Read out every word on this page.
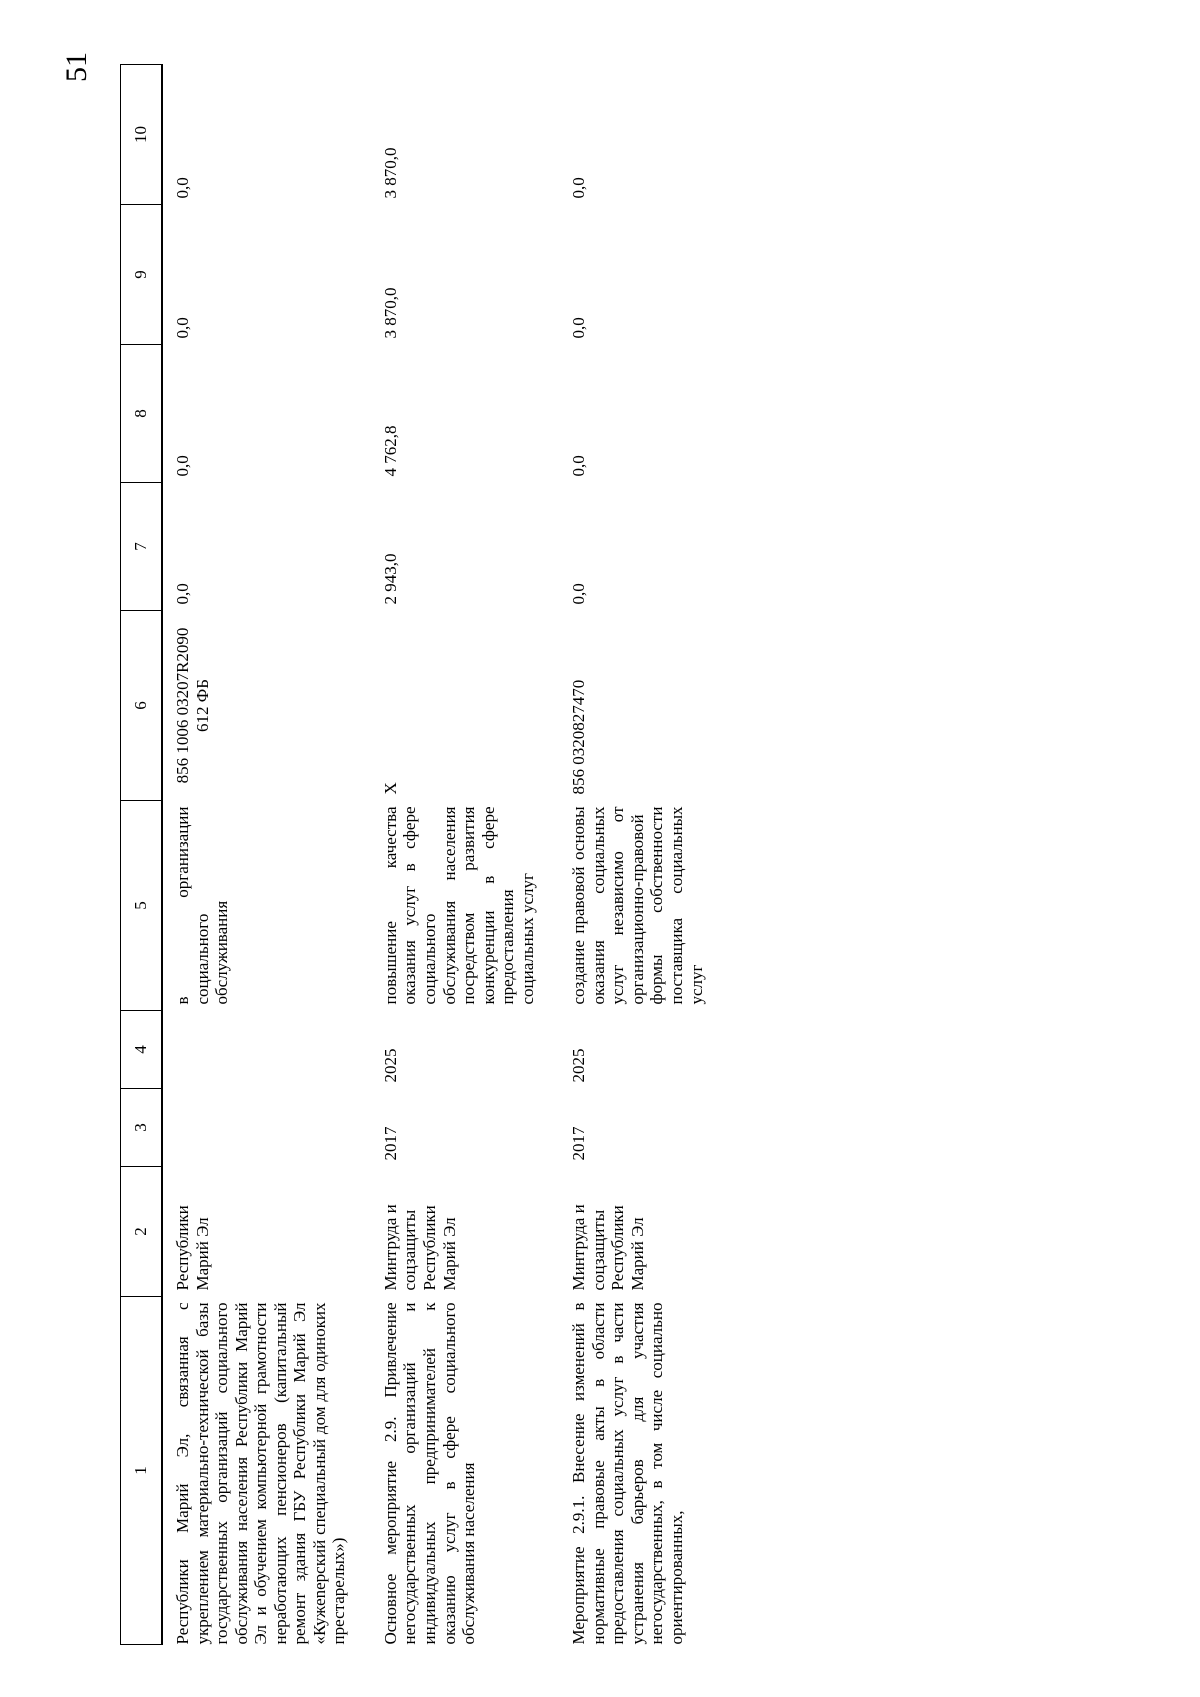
51
1	2	3	4	5	6	7	8	9	10
Республики Марий Эл, связанная с укреплением материально-технической базы государственных организаций социального обслуживания населения Республики Марий Эл и обучением компьютерной грамотности неработающих пенсионеров (капитальный ремонт здания ГБУ Республики Марий Эл «Кужenерский специальный дом для одиноких престарелых»)	Республики Марий Эл			в организации социального обслуживания	856 1006 03207R2090 612 ФБ	0,0	0,0	0,0	0,0
Основное мероприятие 2.9. Привлечение негосударственных организаций и индивидуальных предпринимателей к оказанию услуг в сфере социального обслуживания населения	Минтруда и соцзащиты Республики Марий Эл	2017	2025	повышение качества оказания услуг в сфере социального обслуживания населения посредством развития конкуренции в сфере предоставления социальных услуг	X	2 943,0	4 762,8	3 870,0	3 870,0
Мероприятие 2.9.1. Внесение изменений в нормативные правовые акты в области предоставления социальных услуг в части устранения барьеров для участия негосударственных, в том числе социально ориентированных,	Минтруда и соцзащиты Республики Марий Эл	2017	2025	создание правовой основы оказания социальных услуг независимо от организационно-правовой формы собственности поставщика социальных услуг	856 0320827470	0,0	0,0	0,0	0,0
